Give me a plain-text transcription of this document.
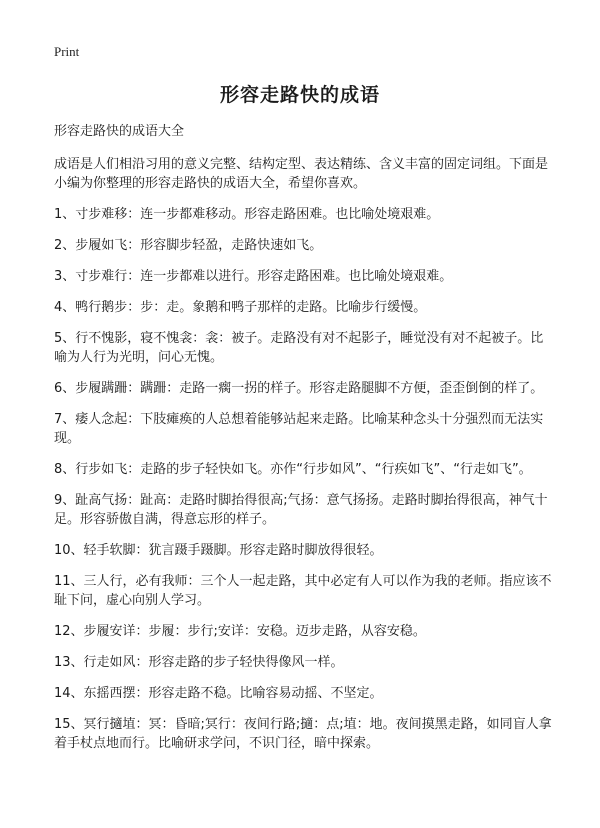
Print
形容走路快的成语

形容走路快的成语大全

成语是人们相沿习用的意义完整、结构定型、表达精练、含义丰富的固定词组。下面是小编为你整理的形容走路快的成语大全，希望你喜欢。

1、寸步难移：连一步都难移动。形容走路困难。也比喻处境艰难。

2、步履如飞：形容脚步轻盈，走路快速如飞。

3、寸步难行：连一步都难以进行。形容走路困难。也比喻处境艰难。

4、鸭行鹅步：步：走。象鹅和鸭子那样的走路。比喻步行缓慢。

5、行不愧影，寝不愧衾：衾：被子。走路没有对不起影子，睡觉没有对不起被子。比喻为人行为光明，问心无愧。

6、步履蹒跚：蹒跚：走路一瘸一拐的样子。形容走路腿脚不方便，歪歪倒倒的样了。

7、痿人念起：下肢瘫痪的人总想着能够站起来走路。比喻某种念头十分强烈而无法实现。

8、行步如飞：走路的步子轻快如飞。亦作“行步如风”、“行疾如飞”、“行走如飞”。

9、趾高气扬：趾高：走路时脚抬得很高;气扬：意气扬扬。走路时脚抬得很高，神气十足。形容骄傲自满，得意忘形的样子。

10、轻手软脚：犹言蹑手蹑脚。形容走路时脚放得很轻。

11、三人行，必有我师：三个人一起走路，其中必定有人可以作为我的老师。指应该不耻下问，虚心向别人学习。

12、步履安详：步履：步行;安详：安稳。迈步走路，从容安稳。

13、行走如风：形容走路的步子轻快得像风一样。

14、东摇西摆：形容走路不稳。比喻容易动摇、不坚定。

15、冥行擿埴：冥：昏暗;冥行：夜间行路;擿：点;埴：地。夜间摸黑走路，如同盲人拿着手杖点地而行。比喻研求学问，不识门径，暗中探索。
